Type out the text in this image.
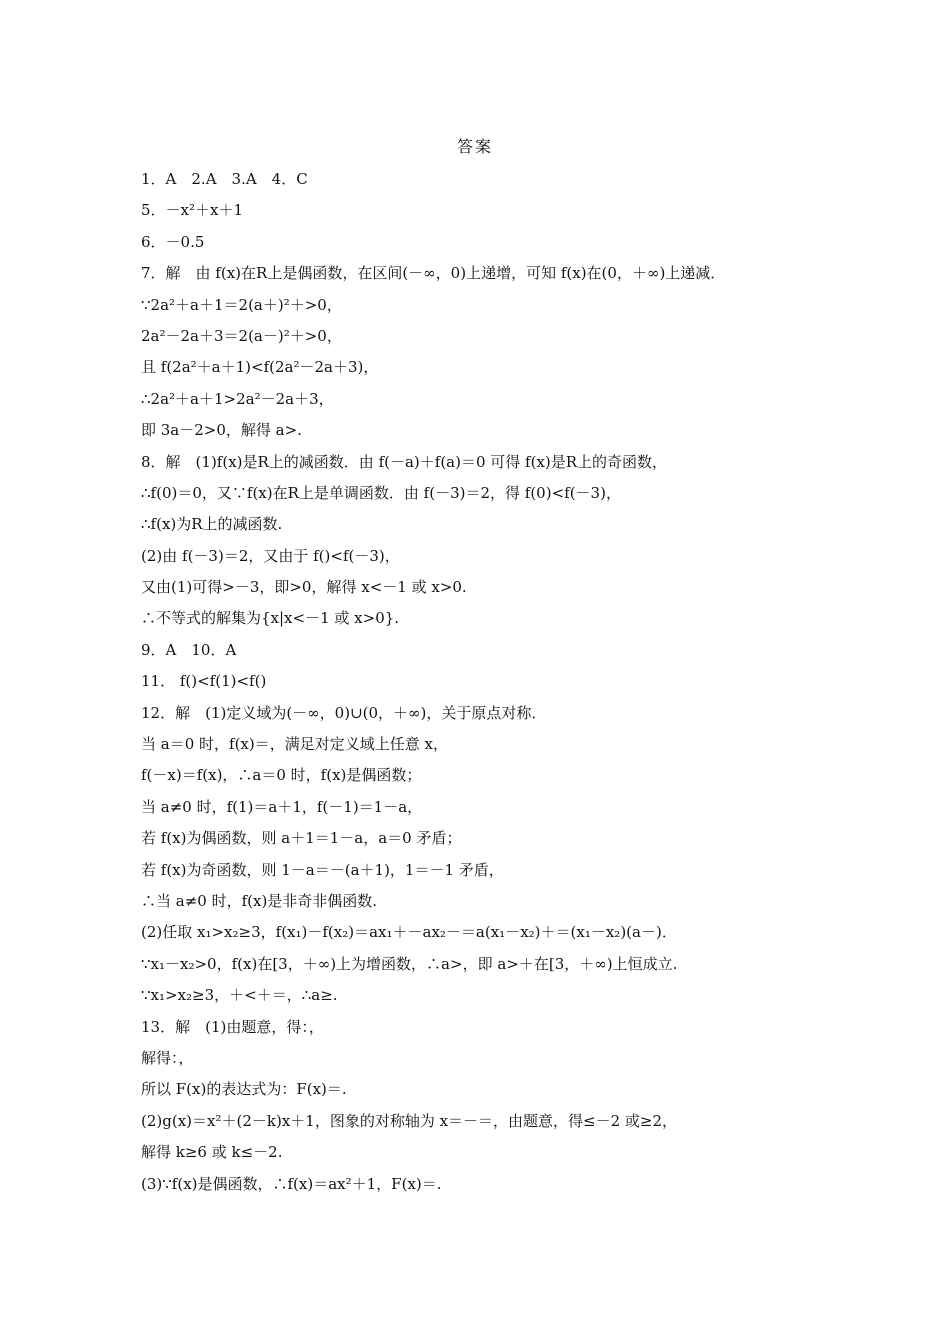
答案
1．A　2.A　3.A　4．C
5．－x²＋x＋1
6．－0.5
7．解　由 f(x)在R上是偶函数，在区间(－∞，0)上递增，可知 f(x)在(0，＋∞)上递减．
∵2a²＋a＋1＝2(a＋)²＋>0，
2a²－2a＋3＝2(a－)²＋>0，
且 f(2a²＋a＋1)<f(2a²－2a＋3)，
∴2a²＋a＋1>2a²－2a＋3，
即 3a－2>0，解得 a>.
8．解　(1)f(x)是R上的减函数．由 f(－a)＋f(a)＝0 可得 f(x)是R上的奇函数，
∴f(0)＝0，又∵f(x)在R上是单调函数．由 f(－3)＝2，得 f(0)<f(－3)，
∴f(x)为R上的减函数.
(2)由 f(－3)＝2，又由于 f()<f(－3)，
又由(1)可得>－3，即>0，解得 x<－1 或 x>0.
∴不等式的解集为{x|x<－1 或 x>0}.
9．A　10．A
11． f()<f(1)<f()
12．解　(1)定义域为(－∞，0)∪(0，＋∞)，关于原点对称．
当 a＝0 时，f(x)＝，满足对定义域上任意 x，
f(－x)＝f(x)，∴a＝0 时，f(x)是偶函数；
当 a≠0 时，f(1)＝a＋1，f(－1)＝1－a，
若 f(x)为偶函数，则 a＋1＝1－a，a＝0 矛盾；
若 f(x)为奇函数，则 1－a＝－(a＋1)，1＝－1 矛盾，
∴当 a≠0 时，f(x)是非奇非偶函数.
(2)任取 x₁>x₂≥3，f(x₁)－f(x₂)＝ax₁＋－ax₂－＝a(x₁－x₂)＋＝(x₁－x₂)(a－)．
∵x₁－x₂>0，f(x)在[3，＋∞)上为增函数，∴a>，即 a>＋在[3，＋∞)上恒成立.
∵x₁>x₂≥3，＋<＋＝，∴a≥.
13．解　(1)由题意，得：，
解得：，
所以 F(x)的表达式为：F(x)＝.
(2)g(x)＝x²＋(2－k)x＋1，图象的对称轴为 x＝－＝，由题意，得≤－2 或≥2，
解得 k≥6 或 k≤－2.
(3)∵f(x)是偶函数，∴f(x)＝ax²＋1，F(x)＝.
